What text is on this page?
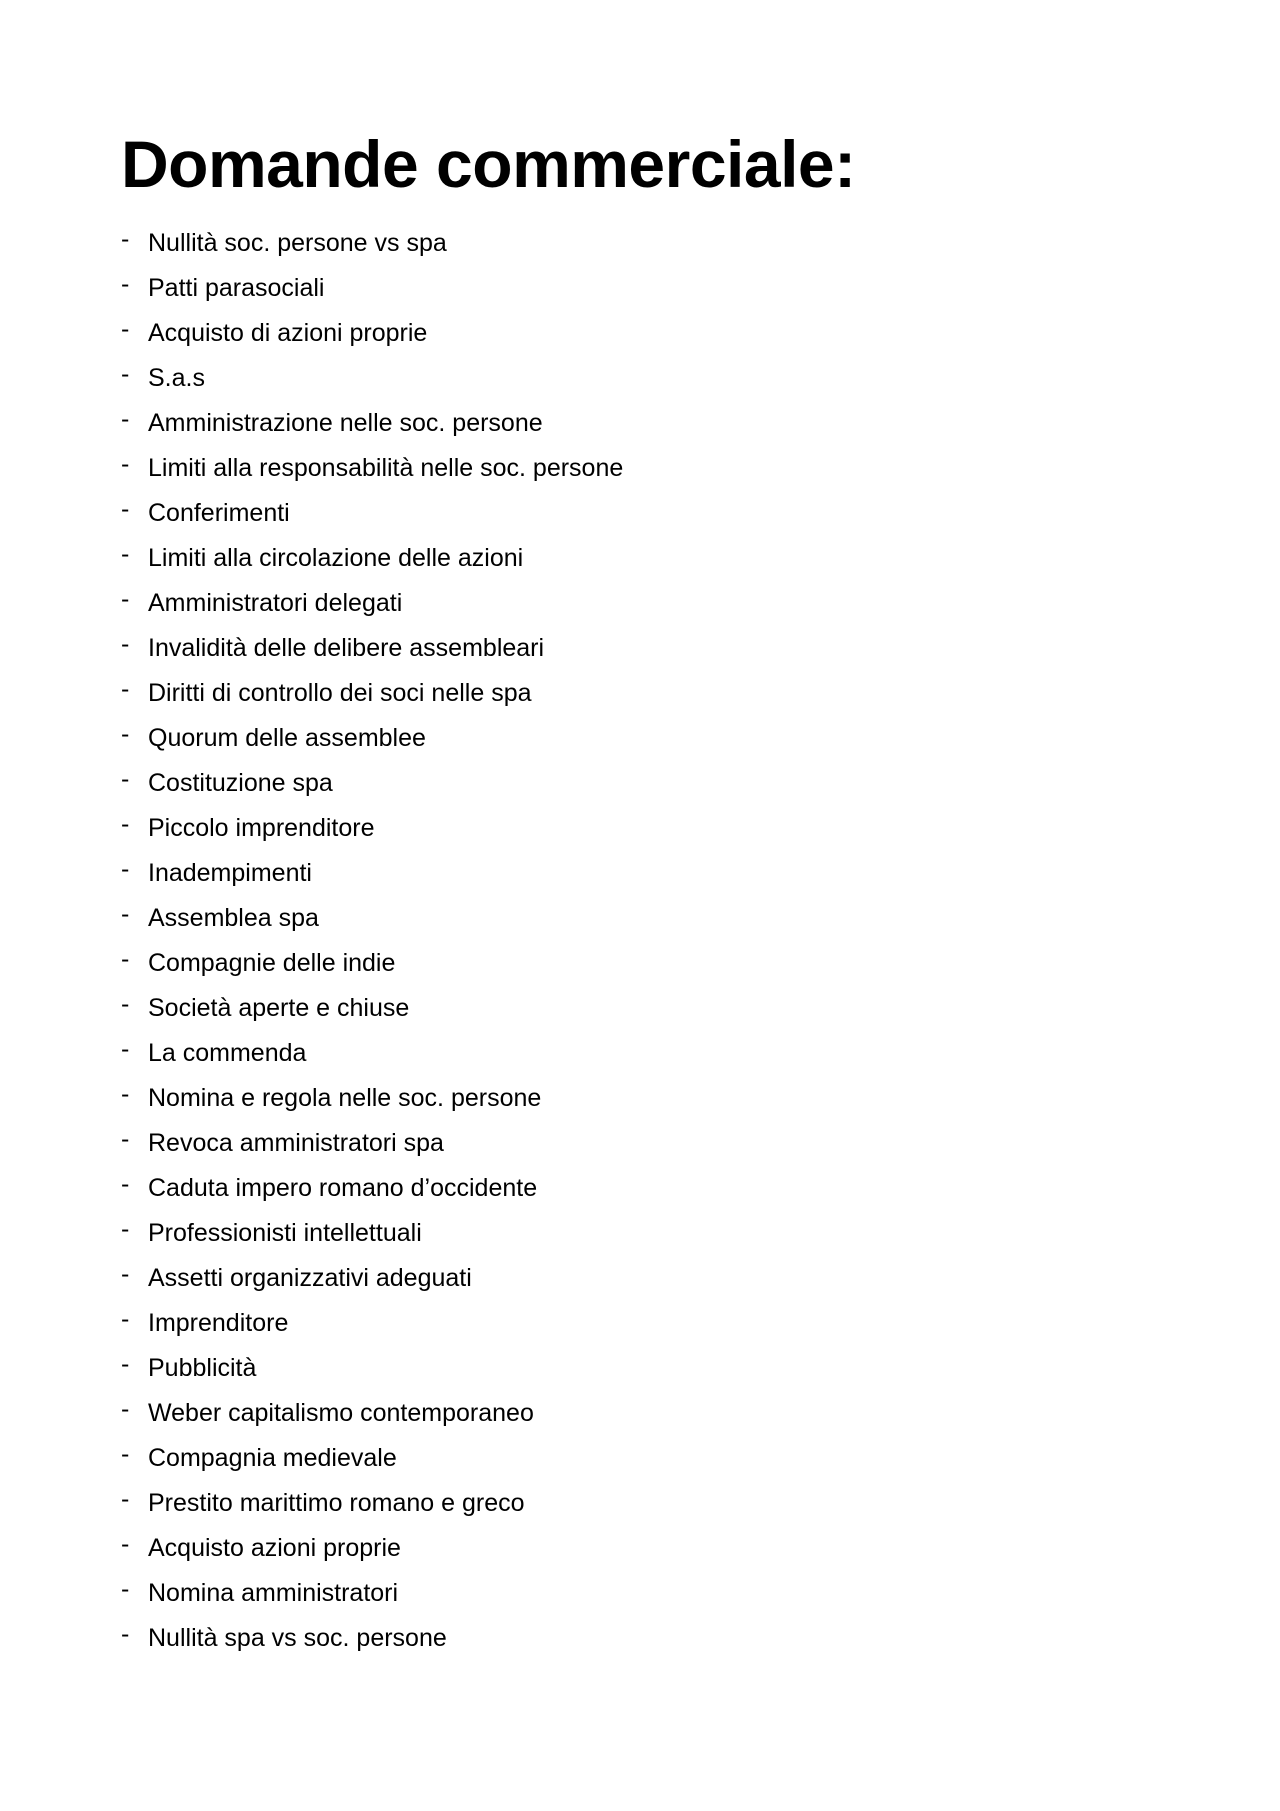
Domande commerciale:
- Nullità soc. persone vs spa
- Patti parasociali
- Acquisto di azioni proprie
- S.a.s
- Amministrazione nelle soc. persone
- Limiti alla responsabilità nelle soc. persone
- Conferimenti
- Limiti alla circolazione delle azioni
- Amministratori delegati
- Invalidità delle delibere assembleari
- Diritti di controllo dei soci nelle spa
- Quorum delle assemblee
- Costituzione spa
- Piccolo imprenditore
- Inadempimenti
- Assemblea spa
- Compagnie delle indie
- Società aperte e chiuse
- La commenda
- Nomina e regola nelle soc. persone
- Revoca amministratori spa
- Caduta impero romano d’occidente
- Professionisti intellettuali
- Assetti organizzativi adeguati
- Imprenditore
- Pubblicità
- Weber capitalismo contemporaneo
- Compagnia medievale
- Prestito marittimo romano e greco
- Acquisto azioni proprie
- Nomina amministratori
- Nullità spa vs soc. persone
